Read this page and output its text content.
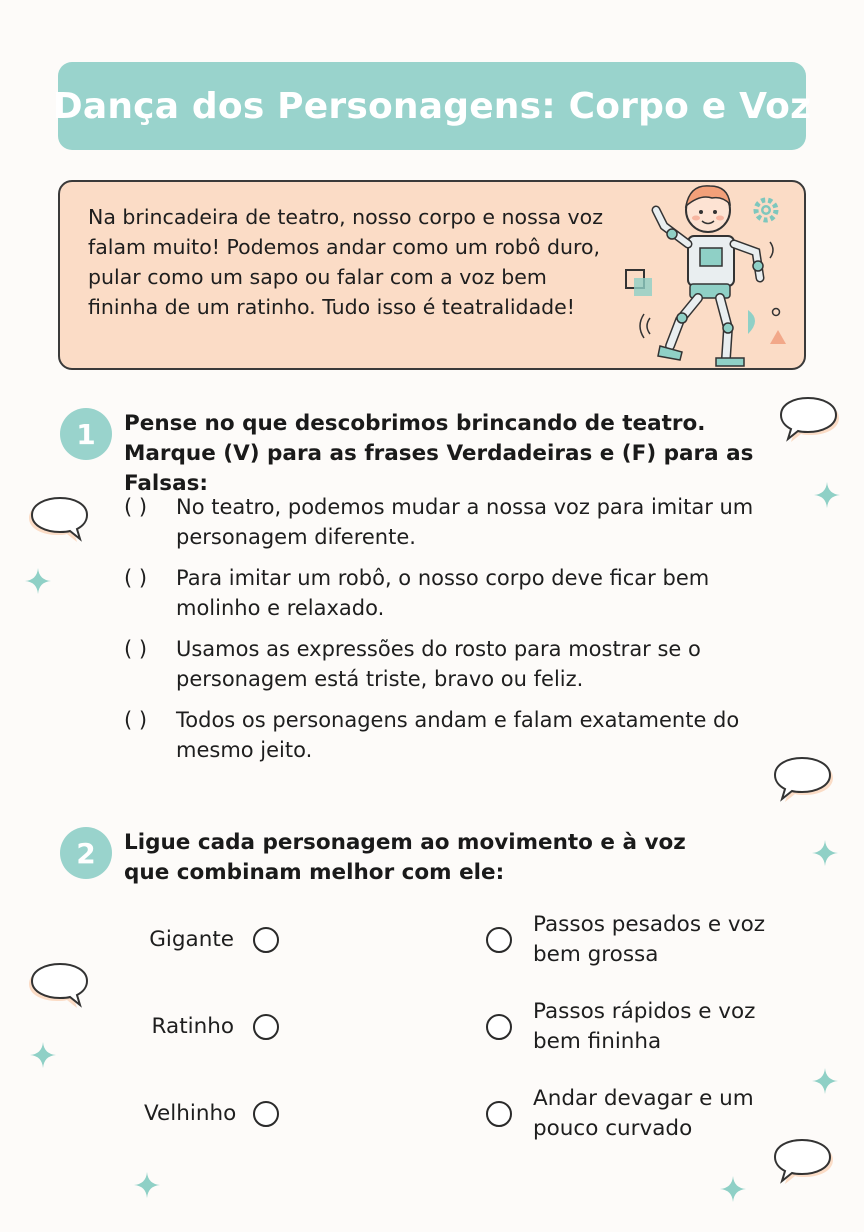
Dança dos Personagens: Corpo e Voz
Na brincadeira de teatro, nosso corpo e nossa voz falam muito! Podemos andar como um robô duro, pular como um sapo ou falar com a voz bem fininha de um ratinho. Tudo isso é teatralidade!
1	Pense no que descobrimos brincando de teatro. Marque (V) para as frases Verdadeiras e (F) para as Falsas:
( ) No teatro, podemos mudar a nossa voz para imitar um personagem diferente.
( ) Para imitar um robô, o nosso corpo deve ficar bem molinho e relaxado.
( ) Usamos as expressões do rosto para mostrar se o personagem está triste, bravo ou feliz.
( ) Todos os personagens andam e falam exatamente do mesmo jeito.
2	Ligue cada personagem ao movimento e à voz que combinam melhor com ele:
Gigante
Ratinho
Velhinho
Passos pesados e voz bem grossa
Passos rápidos e voz bem fininha
Andar devagar e um pouco curvado
